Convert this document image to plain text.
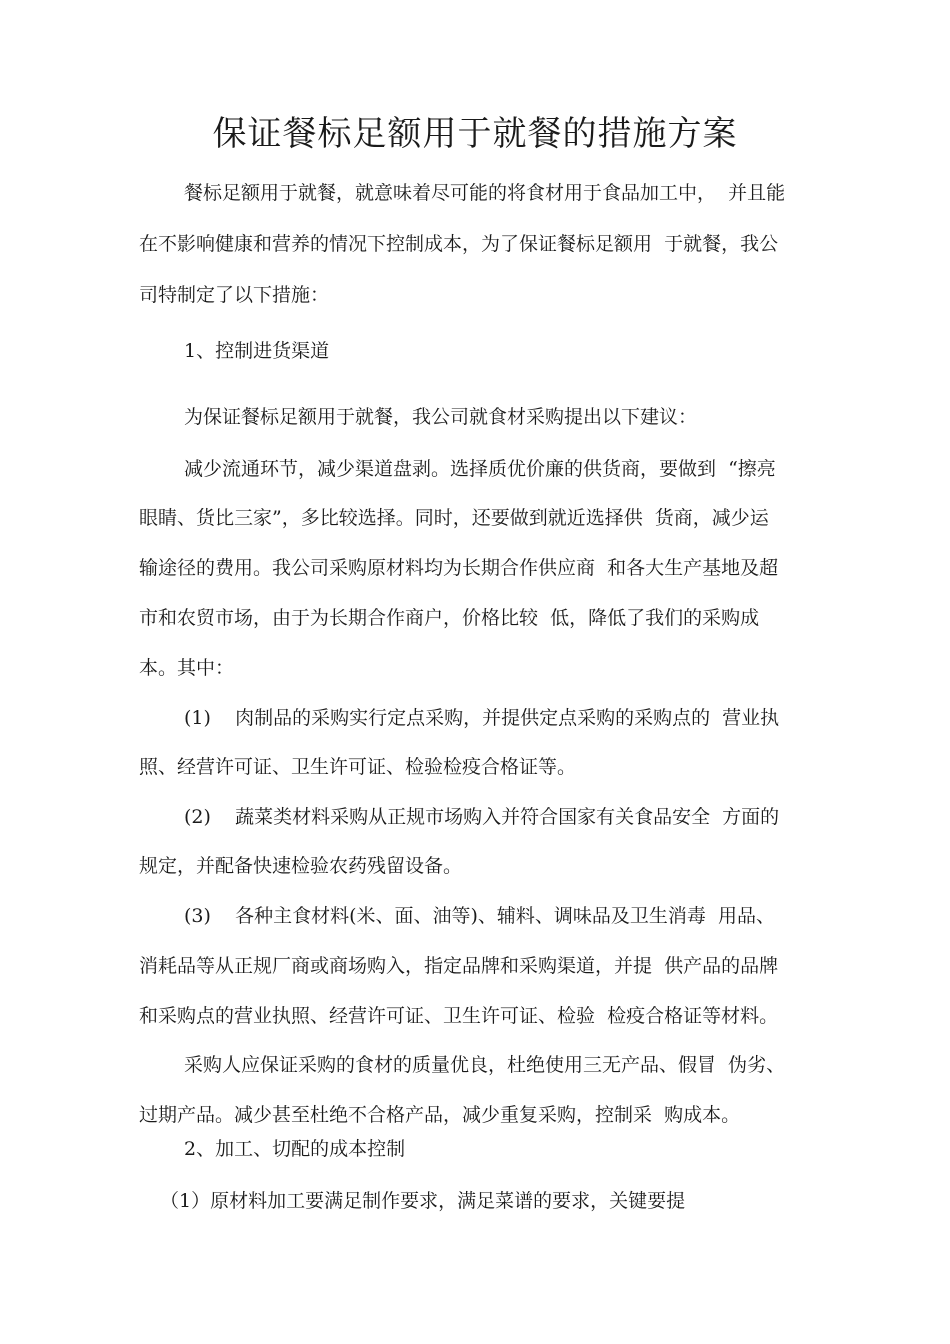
保证餐标足额用于就餐的措施方案
餐标足额用于就餐，就意味着尽可能的将食材用于食品加工中，  并且能
在不影响健康和营养的情况下控制成本，为了保证餐标足额用  于就餐，我公
司特制定了以下措施：
1、控制进货渠道
为保证餐标足额用于就餐，我公司就食材采购提出以下建议：
减少流通环节，减少渠道盘剥。选择质优价廉的供货商，要做到  “擦亮
眼睛、货比三家”，多比较选择。同时，还要做到就近选择供  货商，减少运
输途径的费用。我公司采购原材料均为长期合作供应商  和各大生产基地及超
市和农贸市场，由于为长期合作商户，价格比较  低，降低了我们的采购成
本。其中：
(1)    肉制品的采购实行定点采购，并提供定点采购的采购点的  营业执
照、经营许可证、卫生许可证、检验检疫合格证等。
(2)    蔬菜类材料采购从正规市场购入并符合国家有关食品安全  方面的
规定，并配备快速检验农药残留设备。
(3)    各种主食材料(米、面、油等)、辅料、调味品及卫生消毒  用品、
消耗品等从正规厂商或商场购入，指定品牌和采购渠道，并提  供产品的品牌
和采购点的营业执照、经营许可证、卫生许可证、检验  检疫合格证等材料。
采购人应保证采购的食材的质量优良，杜绝使用三无产品、假冒  伪劣、
过期产品。减少甚至杜绝不合格产品，减少重复采购，控制采  购成本。
2、加工、切配的成本控制
（1）原材料加工要满足制作要求，满足菜谱的要求，关键要提
